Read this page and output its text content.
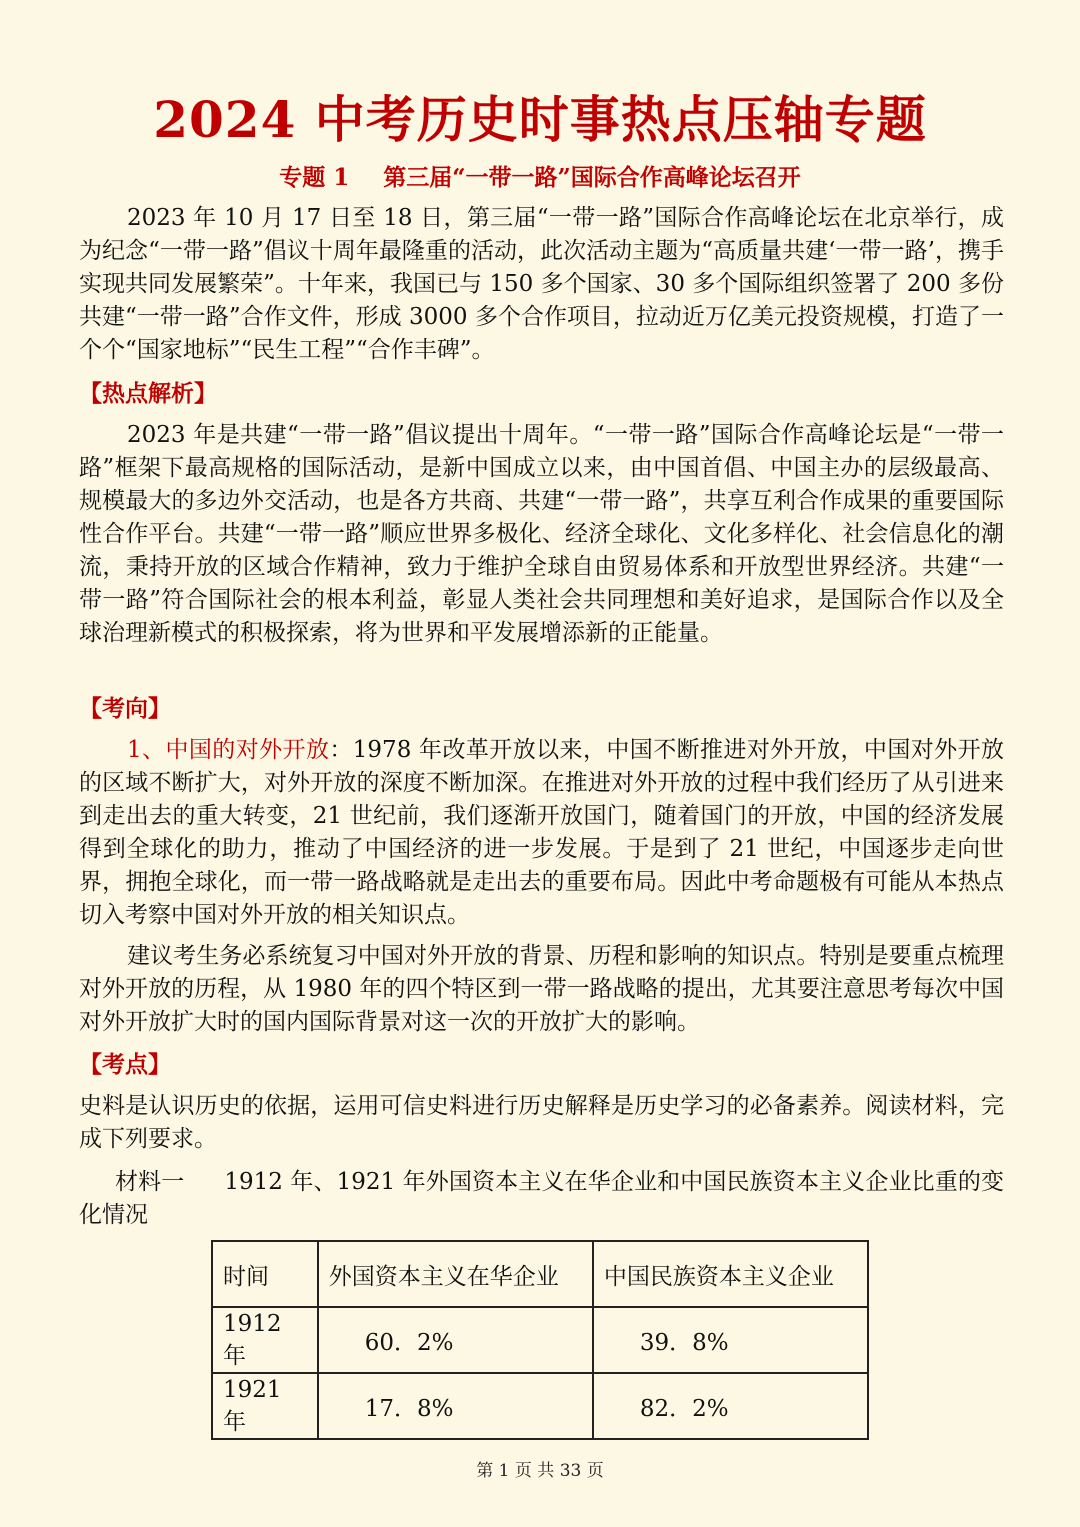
2024 中考历史时事热点压轴专题
专题 1 第三届“一带一路”国际合作高峰论坛召开

2023 年 10 月 17 日至 18 日，第三届“一带一路”国际合作高峰论坛在北京举行，成为纪念“一带一路”倡议十周年最隆重的活动，此次活动主题为“高质量共建‘一带一路’，携手实现共同发展繁荣”。十年来，我国已与 150 多个国家、30 多个国际组织签署了 200 多份共建“一带一路”合作文件，形成 3000 多个合作项目，拉动近万亿美元投资规模，打造了一个个“国家地标”“民生工程”“合作丰碑”。

【热点解析】

2023 年是共建“一带一路”倡议提出十周年。“一带一路”国际合作高峰论坛是“一带一路”框架下最高规格的国际活动，是新中国成立以来，由中国首倡、中国主办的层级最高、规模最大的多边外交活动，也是各方共商、共建“一带一路”，共享互利合作成果的重要国际性合作平台。共建“一带一路”顺应世界多极化、经济全球化、文化多样化、社会信息化的潮流，秉持开放的区域合作精神，致力于维护全球自由贸易体系和开放型世界经济。共建“一带一路”符合国际社会的根本利益，彰显人类社会共同理想和美好追求，是国际合作以及全球治理新模式的积极探索，将为世界和平发展增添新的正能量。

【考向】

1、中国的对外开放：1978 年改革开放以来，中国不断推进对外开放，中国对外开放的区域不断扩大，对外开放的深度不断加深。在推进对外开放的过程中我们经历了从引进来到走出去的重大转变，21 世纪前，我们逐渐开放国门，随着国门的开放，中国的经济发展得到全球化的助力，推动了中国经济的进一步发展。于是到了 21 世纪，中国逐步走向世界，拥抱全球化，而一带一路战略就是走出去的重要布局。因此中考命题极有可能从本热点切入考察中国对外开放的相关知识点。

建议考生务必系统复习中国对外开放的背景、历程和影响的知识点。特别是要重点梳理对外开放的历程，从 1980 年的四个特区到一带一路战略的提出，尤其要注意思考每次中国对外开放扩大时的国内国际背景对这一次的开放扩大的影响。

【考点】

史料是认识历史的依据，运用可信史料进行历史解释是历史学习的必备素养。阅读材料，完成下列要求。

材料一 1912 年、1921 年外国资本主义在华企业和中国民族资本主义企业比重的变化情况

时间	外国资本主义在华企业	中国民族资本主义企业
1912 年	60．2%	39．8%
1921 年	17．8%	82．2%
第 1 页 共 33 页
